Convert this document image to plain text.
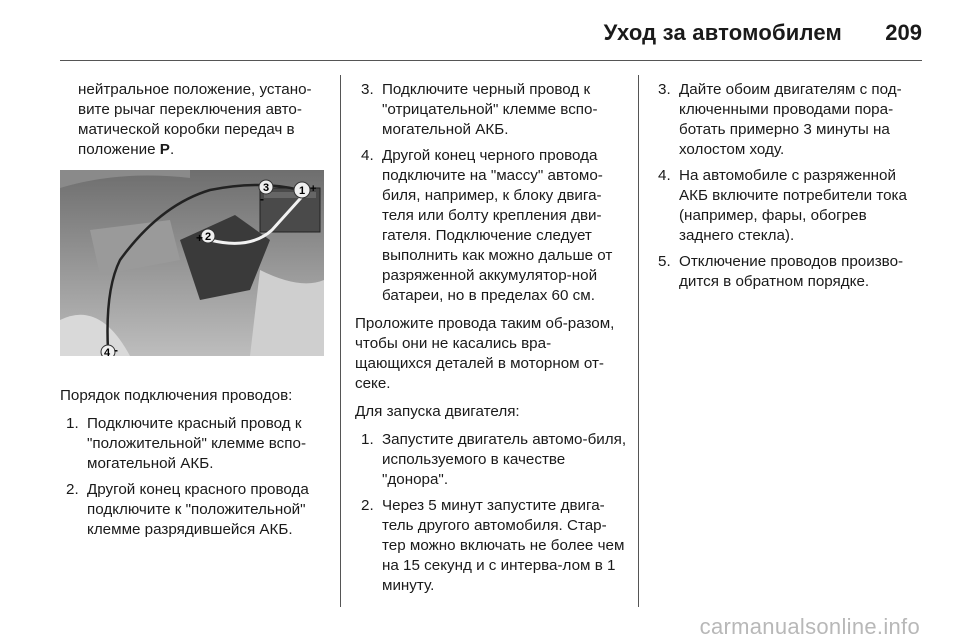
Уход за автомобилем 209
нейтральное положение, устано-
вите рычаг переключения авто-
матической коробки передач в
положение P.
1 +
3
-
+ 2
4 -

Порядок подключения проводов:

1. Подключите красный провод к "положительной" клемме вспо-могательной АКБ.
2. Другой конец красного провода подключите к "положительной" клемме разрядившейся АКБ.
3. Подключите черный провод к "отрицательной" клемме вспо-могательной АКБ.
4. Другой конец черного провода подключите на "массу" автомо-биля, например, к блоку двига-теля или болту крепления дви-гателя. Подключение следует выполнить как можно дальше от разряженной аккумулятор-ной батареи, но в пределах 60 см.

Проложите провода таким об-разом, чтобы они не касались вра-щающихся деталей в моторном от-секе.

Для запуска двигателя:

1. Запустите двигатель автомо-биля, используемого в качестве "донора".
2. Через 5 минут запустите двига-тель другого автомобиля. Стар-тер можно включать не более чем на 15 секунд и с интерва-лом в 1 минуту.
3. Дайте обоим двигателям с под-ключенными проводами пора-ботать примерно 3 минуты на холостом ходу.
4. На автомобиле с разряженной АКБ включите потребители тока (например, фары, обогрев заднего стекла).
5. Отключение проводов произво-дится в обратном порядке.
carmanualsonline.info
